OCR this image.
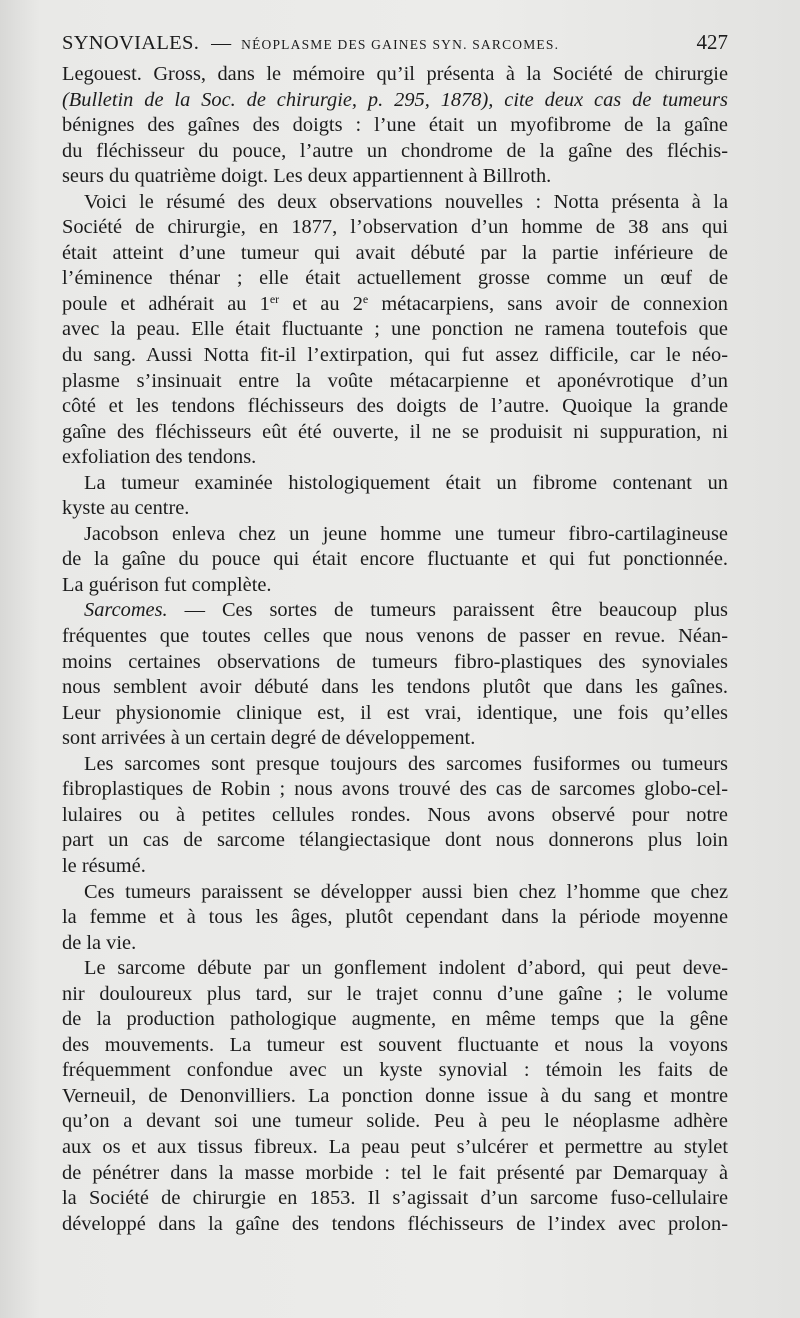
SYNOVIALES. — NÉOPLASME DES GAINES SYN. SARCOMES.	427

Legouest. Gross, dans le mémoire qu’il présenta à la Société de chirurgie
(Bulletin de la Soc. de chirurgie, p. 295, 1878), cite deux cas de tumeurs
bénignes des gaînes des doigts : l’une était un myofibrome de la gaîne
du fléchisseur du pouce, l’autre un chondrome de la gaîne des fléchis-
seurs du quatrième doigt. Les deux appartiennent à Billroth.

Voici le résumé des deux observations nouvelles : Notta présenta à la
Société de chirurgie, en 1877, l’observation d’un homme de 38 ans qui
était atteint d’une tumeur qui avait débuté par la partie inférieure de
l’éminence thénar ; elle était actuellement grosse comme un œuf de
poule et adhérait au 1er et au 2e métacarpiens, sans avoir de connexion
avec la peau. Elle était fluctuante ; une ponction ne ramena toutefois que
du sang. Aussi Notta fit-il l’extirpation, qui fut assez difficile, car le néo-
plasme s’insinuait entre la voûte métacarpienne et aponévrotique d’un
côté et les tendons fléchisseurs des doigts de l’autre. Quoique la grande
gaîne des fléchisseurs eût été ouverte, il ne se produisit ni suppuration, ni
exfoliation des tendons.

La tumeur examinée histologiquement était un fibrome contenant un
kyste au centre.

Jacobson enleva chez un jeune homme une tumeur fibro-cartilagineuse
de la gaîne du pouce qui était encore fluctuante et qui fut ponctionnée.
La guérison fut complète.

Sarcomes. — Ces sortes de tumeurs paraissent être beaucoup plus
fréquentes que toutes celles que nous venons de passer en revue. Néan-
moins certaines observations de tumeurs fibro-plastiques des synoviales
nous semblent avoir débuté dans les tendons plutôt que dans les gaînes.
Leur physionomie clinique est, il est vrai, identique, une fois qu’elles
sont arrivées à un certain degré de développement.

Les sarcomes sont presque toujours des sarcomes fusiformes ou tumeurs
fibroplastiques de Robin ; nous avons trouvé des cas de sarcomes globo-cel-
lulaires ou à petites cellules rondes. Nous avons observé pour notre
part un cas de sarcome télangiectasique dont nous donnerons plus loin
le résumé.

Ces tumeurs paraissent se développer aussi bien chez l’homme que chez
la femme et à tous les âges, plutôt cependant dans la période moyenne
de la vie.

Le sarcome débute par un gonflement indolent d’abord, qui peut deve-
nir douloureux plus tard, sur le trajet connu d’une gaîne ; le volume
de la production pathologique augmente, en même temps que la gêne
des mouvements. La tumeur est souvent fluctuante et nous la voyons
fréquemment confondue avec un kyste synovial : témoin les faits de
Verneuil, de Denonvilliers. La ponction donne issue à du sang et montre
qu’on a devant soi une tumeur solide. Peu à peu le néoplasme adhère
aux os et aux tissus fibreux. La peau peut s’ulcérer et permettre au stylet
de pénétrer dans la masse morbide : tel le fait présenté par Demarquay à
la Société de chirurgie en 1853. Il s’agissait d’un sarcome fuso-cellulaire
développé dans la gaîne des tendons fléchisseurs de l’index avec prolon-
